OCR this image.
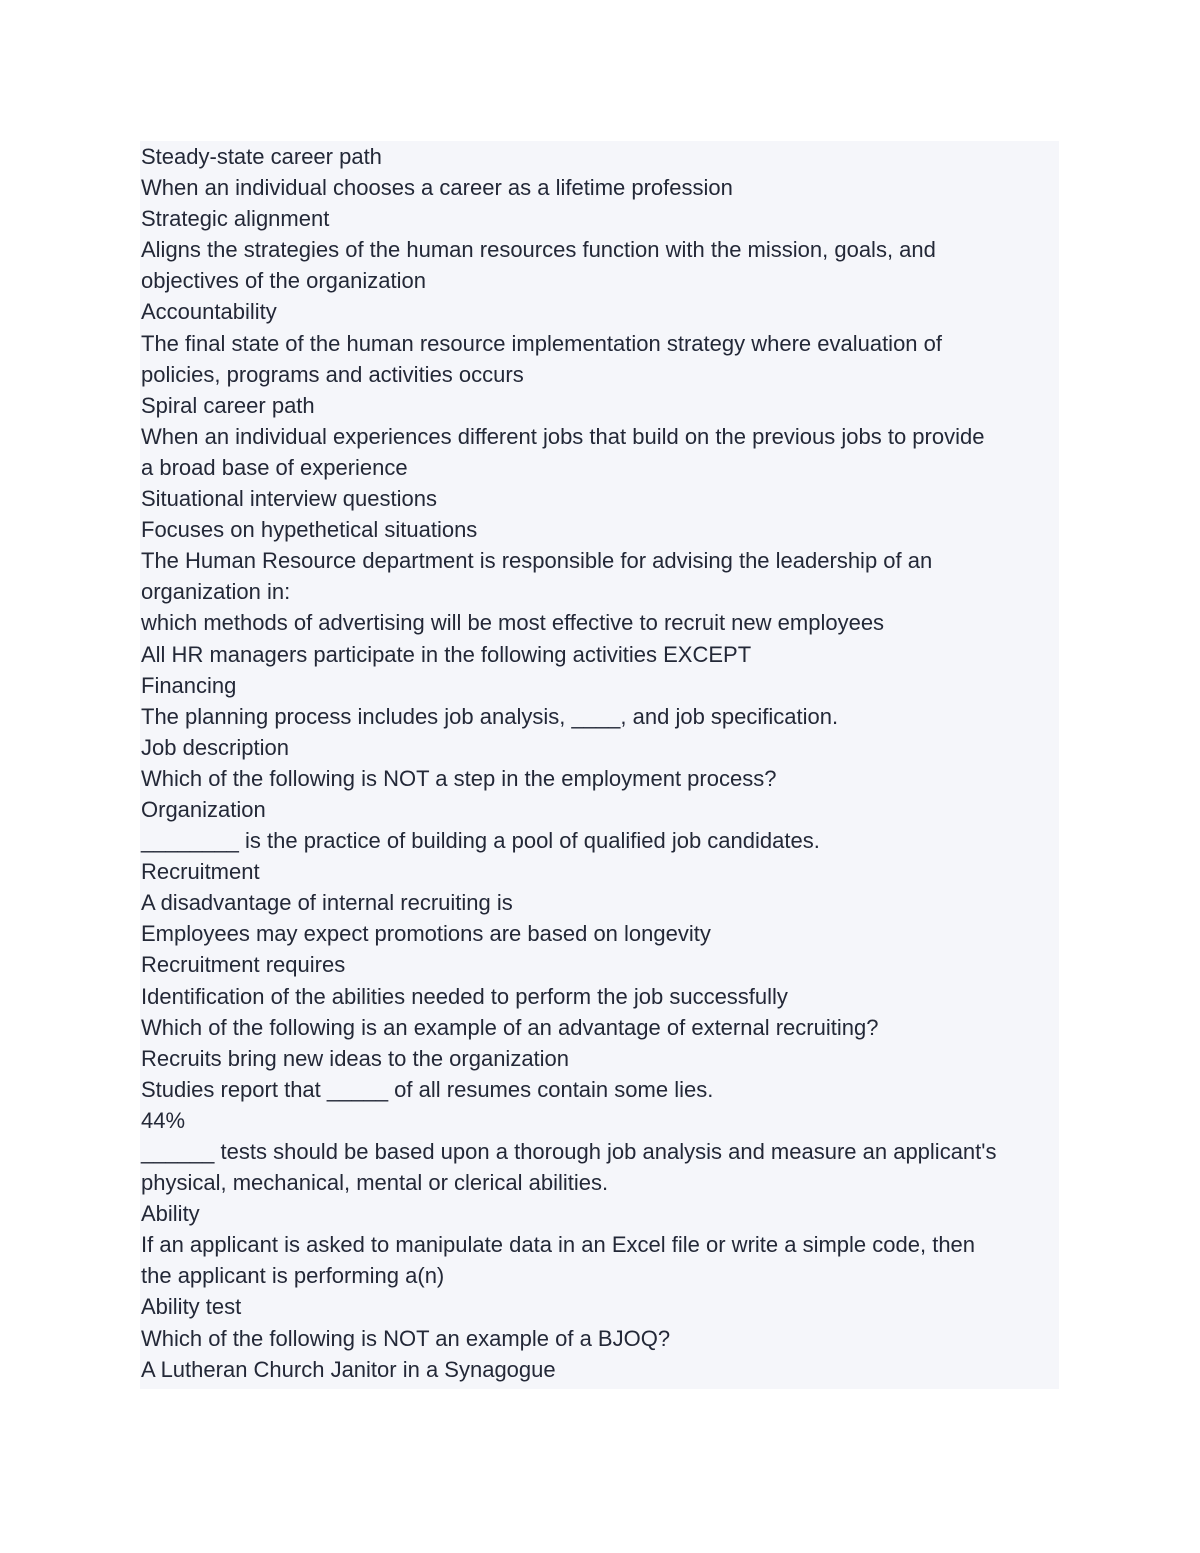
Steady-state career path

When an individual chooses a career as a lifetime profession

Strategic alignment

Aligns the strategies of the human resources function with the mission, goals, and

objectives of the organization

Accountability

The final state of the human resource implementation strategy where evaluation of

policies, programs and activities occurs

Spiral career path

When an individual experiences different jobs that build on the previous jobs to provide

a broad base of experience

Situational interview questions

Focuses on hypethetical situations

The Human Resource department is responsible for advising the leadership of an

organization in:

which methods of advertising will be most effective to recruit new employees

All HR managers participate in the following activities EXCEPT

Financing

The planning process includes job analysis, ____, and job specification.

Job description

Which of the following is NOT a step in the employment process?

Organization

________ is the practice of building a pool of qualified job candidates.

Recruitment

A disadvantage of internal recruiting is

Employees may expect promotions are based on longevity

Recruitment requires

Identification of the abilities needed to perform the job successfully

Which of the following is an example of an advantage of external recruiting?

Recruits bring new ideas to the organization

Studies report that _____ of all resumes contain some lies.

44%

______ tests should be based upon a thorough job analysis and measure an applicant's

physical, mechanical, mental or clerical abilities.

Ability

If an applicant is asked to manipulate data in an Excel file or write a simple code, then

the applicant is performing a(n)

Ability test

Which of the following is NOT an example of a BJOQ?

A Lutheran Church Janitor in a Synagogue
